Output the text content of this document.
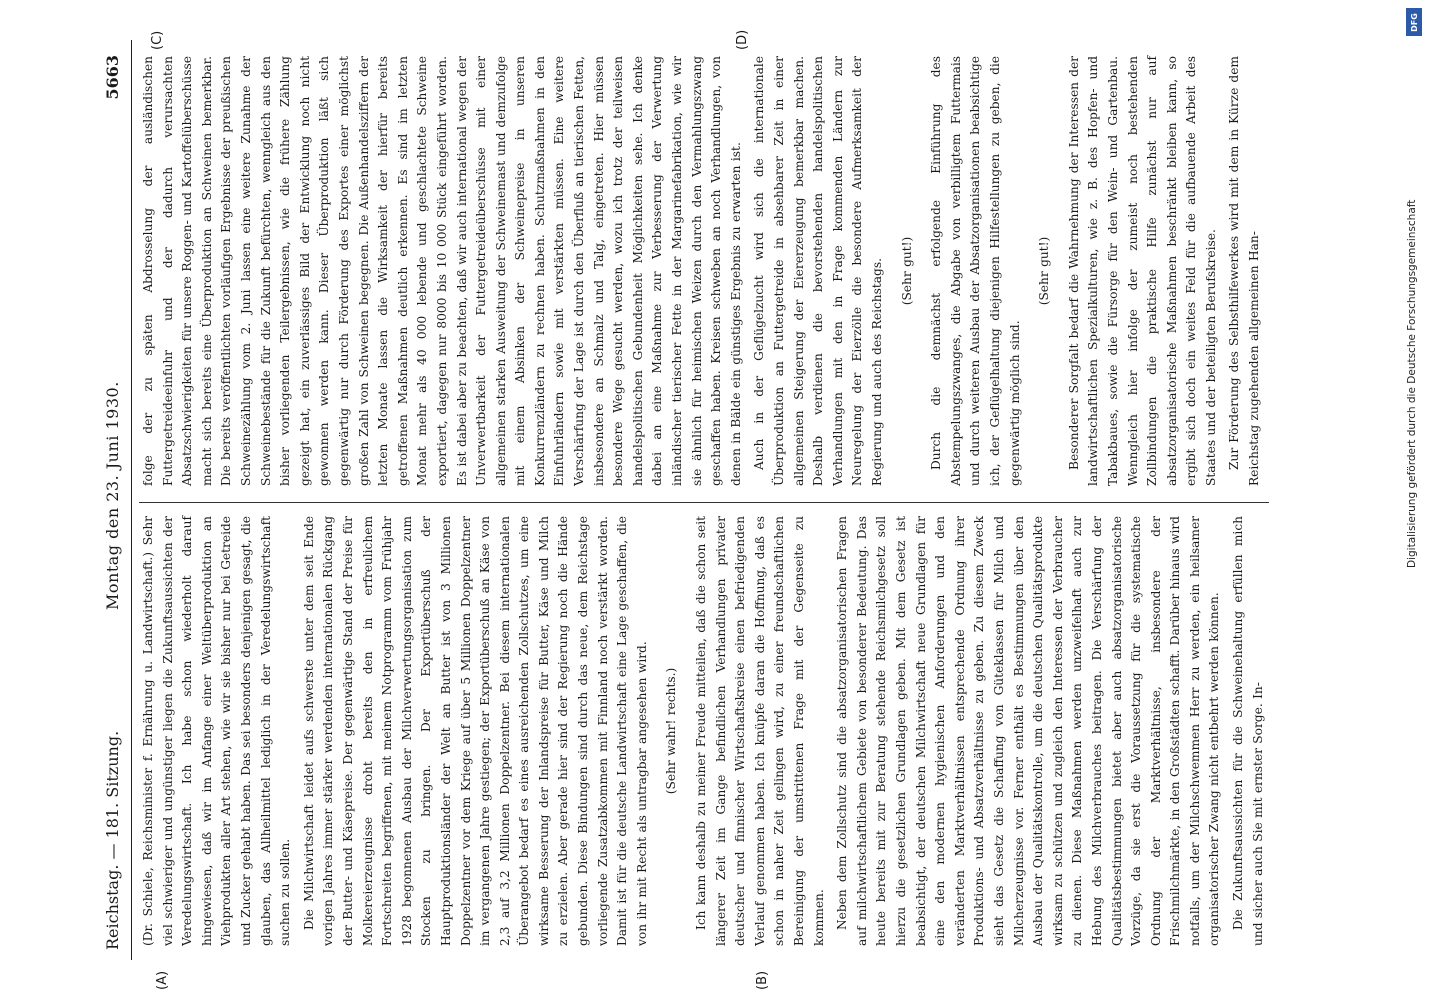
Reichstag. — 181. Sitzung.
Montag den 23. Juni 1930.
5663
(A)	(B)
(C)	(D)

(Dr. Schiele, Reichsminister f. Ernährung u. Landwirtschaft.) Sehr viel schwieriger und ungünstiger liegen die Zukunftsaussichten der Veredelungswirtschaft. Ich habe schon wiederholt darauf hingewiesen, daß wir im Anfange einer Weltüberproduktion an Viehprodukten aller Art stehen, wie wir sie bisher nur bei Getreide und Zucker gehabt haben. Das sei besonders denjenigen gesagt, die glauben, das Allheilmittel lediglich in der Veredelungswirtschaft suchen zu sollen. Die Milchwirtschaft leidet aufs schwerste unter dem seit Ende vorigen Jahres immer stärker werdenden internationalen Rückgang der Butter- und Käsepreise. Der gegenwärtige Stand der Preise für Molkereierzeugnisse droht bereits den in erfreulichem Fortschreiten begriffenen, mit meinem Notprogramm vom Frühjahr 1928 begonnenen Ausbau der Milchverwertungsorganisation zum Stocken zu bringen. Der Exportüberschuß der Hauptproduktionsländer der Welt an Butter ist von 3 Millionen Doppelzentner vor dem Kriege auf über 5 Millionen Doppelzentner im vergangenen Jahre gestiegen; der Exportüberschuß an Käse von 2,3 auf 3,2 Millionen Doppelzentner. Bei diesem internationalen Überangebot bedarf es eines ausreichenden Zollschutzes, um eine wirksame Besserung der Inlandspreise für Butter, Käse und Milch zu erzielen. Aber gerade hier sind der Regierung noch die Hände gebunden. Diese Bindungen sind durch das neue, dem Reichstage vorliegende Zusatzabkommen mit Finnland noch verstärkt worden. Damit ist für die deutsche Landwirtschaft eine Lage geschaffen, die von ihr mit Recht als untragbar angesehen wird. (Sehr wahr! rechts.) Ich kann deshalb zu meiner Freude mitteilen, daß die schon seit längerer Zeit im Gange befindlichen Verhandlungen privater deutscher und finnischer Wirtschaftskreise einen befriedigenden Verlauf genommen haben. Ich knüpfe daran die Hoffnung, daß es schon in naher Zeit gelingen wird, zu einer freundschaftlichen Bereinigung der umstrittenen Frage mit der Gegenseite zu kommen. Neben dem Zollschutz sind die absatzorganisatorischen Fragen auf milchwirtschaftlichem Gebiete von besonderer Bedeutung. Das heute bereits mit zur Beratung stehende Reichsmilchgesetz soll hierzu die gesetzlichen Grundlagen geben. Mit dem Gesetz ist beabsichtigt, der deutschen Milchwirtschaft neue Grundlagen für eine den modernen hygienischen Anforderungen und den veränderten Marktverhältnissen entsprechende Ordnung ihrer Produktions- und Absatzverhältnisse zu geben. Zu diesem Zweck sieht das Gesetz die Schaffung von Güteklassen für Milch und Milcherzeugnisse vor. Ferner enthält es Bestimmungen über den Ausbau der Qualitätskontrolle, um die deutschen Qualitätsprodukte wirksam zu schützen und zugleich den Interessen der Verbraucher zu dienen. Diese Maßnahmen werden unzweifelhaft auch zur Hebung des Milchverbrauches beitragen. Die Verschärfung der Qualitätsbestimmungen bietet aber auch absatzorganisatorische Vorzüge, da sie erst die Voraussetzung für die systematische Ordnung der Marktverhältnisse, insbesondere der Frischmilchmärkte, in den Großstädten schafft. Darüber hinaus wird notfalls, um der Milchschwemmen Herr zu werden, ein heilsamer organisatorischer Zwang nicht entbehrt werden können. Die Zukunftsaussichten für die Schweinehaltung erfüllen mich und sicher auch Sie mit ernster Sorge. In-

folge der zu späten Abdrosselung der ausländischen Futtergetreideeinfuhr und der dadurch verursachten Absatzschwierigkeiten für unsere Roggen- und Kartoffelüberschüsse macht sich bereits eine Überproduktion an Schweinen bemerkbar. Die bereits veröffentlichten vorläufigen Ergebnisse der preußischen Schweinezählung vom 2. Juni lassen eine weitere Zunahme der Schweinebestände für die Zukunft befürchten, wenngleich aus den bisher vorliegenden Teilergebnissen, wie die frühere Zählung gezeigt hat, ein zuverlässiges Bild der Entwicklung noch nicht gewonnen werden kann. Dieser Überproduktion läßt sich gegenwärtig nur durch Förderung des Exportes einer möglichst großen Zahl von Schweinen begegnen. Die Außenhandelsziffern der letzten Monate lassen die Wirksamkeit der hierfür bereits getroffenen Maßnahmen deutlich erkennen. Es sind im letzten Monat mehr als 40 000 lebende und geschlachtete Schweine exportiert, dagegen nur 8000 bis 10 000 Stück eingeführt worden. Es ist dabei aber zu beachten, daß wir auch international wegen der Unverwertbarkeit der Futtergetreideüberschüsse mit einer allgemeinen starken Ausweitung der Schweinemast und demzufolge mit einem Absinken der Schweinepreise in unseren Konkurrenzländern zu rechnen haben. Schutzmaßnahmen in den Einfuhrländern sowie mit verstärkten müssen. Eine weitere Verschärfung der Lage ist durch den Überfluß an tierischen Fetten, insbesondere an Schmalz und Talg, eingetreten. Hier müssen besondere Wege gesucht werden, wozu ich trotz der teilweisen handelspolitischen Gebundenheit Möglichkeiten sehe. Ich denke dabei an eine Maßnahme zur Verbesserung der Verwertung inländischer tierischer Fette in der Margarinefabrikation, wie wir sie ähnlich für heimischen Weizen durch den Vermahlungszwang geschaffen haben. Kreisen schweben an noch Verhandlungen, von denen in Bälde ein günstiges Ergebnis zu erwarten ist. Auch in der Geflügelzucht wird sich die internationale Überproduktion an Futtergetreide in absehbarer Zeit in einer allgemeinen Steigerung der Eiererzeugung bemerkbar machen. Deshalb verdienen die bevorstehenden handelspolitischen Verhandlungen mit den in Frage kommenden Ländern zur Neuregelung der Eierzölle die besondere Aufmerksamkeit der Regierung und auch des Reichstags. (Sehr gut!) Durch die demnächst erfolgende Einführung des Abstempelungszwanges, die Abgabe von verbilligtem Futtermais und durch weiteren Ausbau der Absatzorganisationen beabsichtige ich, der Geflügelhaltung diejenigen Hilfestellungen zu geben, die gegenwärtig möglich sind.

(Sehr gut!) Besonderer Sorgfalt bedarf die Wahrnehmung der Interessen der landwirtschaftlichen Spezialkulturen, wie z. B. des Hopfen- und Tabakbaues, sowie die Fürsorge für den Wein- und Gartenbau. Wenngleich hier infolge der zumeist noch bestehenden Zollbindungen die praktische Hilfe zunächst nur auf absatzorganisatorische Maßnahmen beschränkt bleiben kann, so ergibt sich doch ein weites Feld für die aufbauende Arbeit des Staates und der beteiligten Berufskreise. Zur Förderung des Selbsthilfewerkes wird mit dem in Kürze dem Reichstag zugehenden allgemeinen Han-

DFG
Digitalisierung gefördert durch die Deutsche Forschungsgemeinschaft
